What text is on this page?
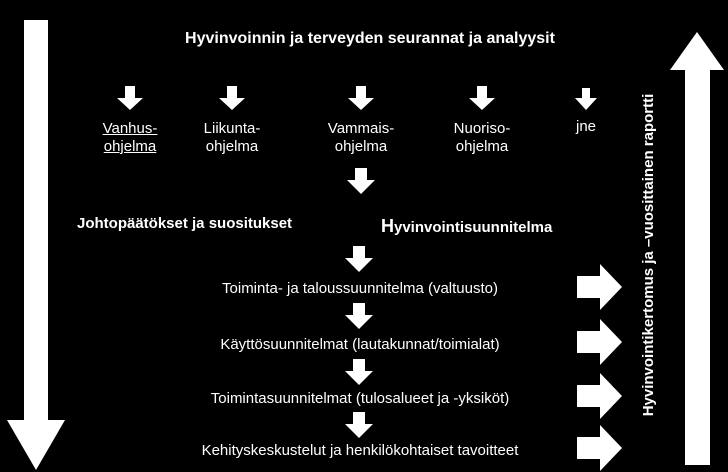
Hyvinvoinnin ja terveyden seurannat ja analyysit
Vanhus-
ohjelma
Liikunta-
ohjelma
Vammais-
ohjelma
Nuoriso-
ohjelma
jne
Johtopäätökset ja suositukset	Hyvinvointisuunnitelma
Toiminta- ja taloussuunnitelma (valtuusto)
Käyttösuunnitelmat (lautakunnat/toimialat)
Toimintasuunnitelmat (tulosalueet ja -yksiköt)
Kehityskeskustelut ja henkilökohtaiset tavoitteet
Hyvinvointikertomus ja –vuosittainen raportti
